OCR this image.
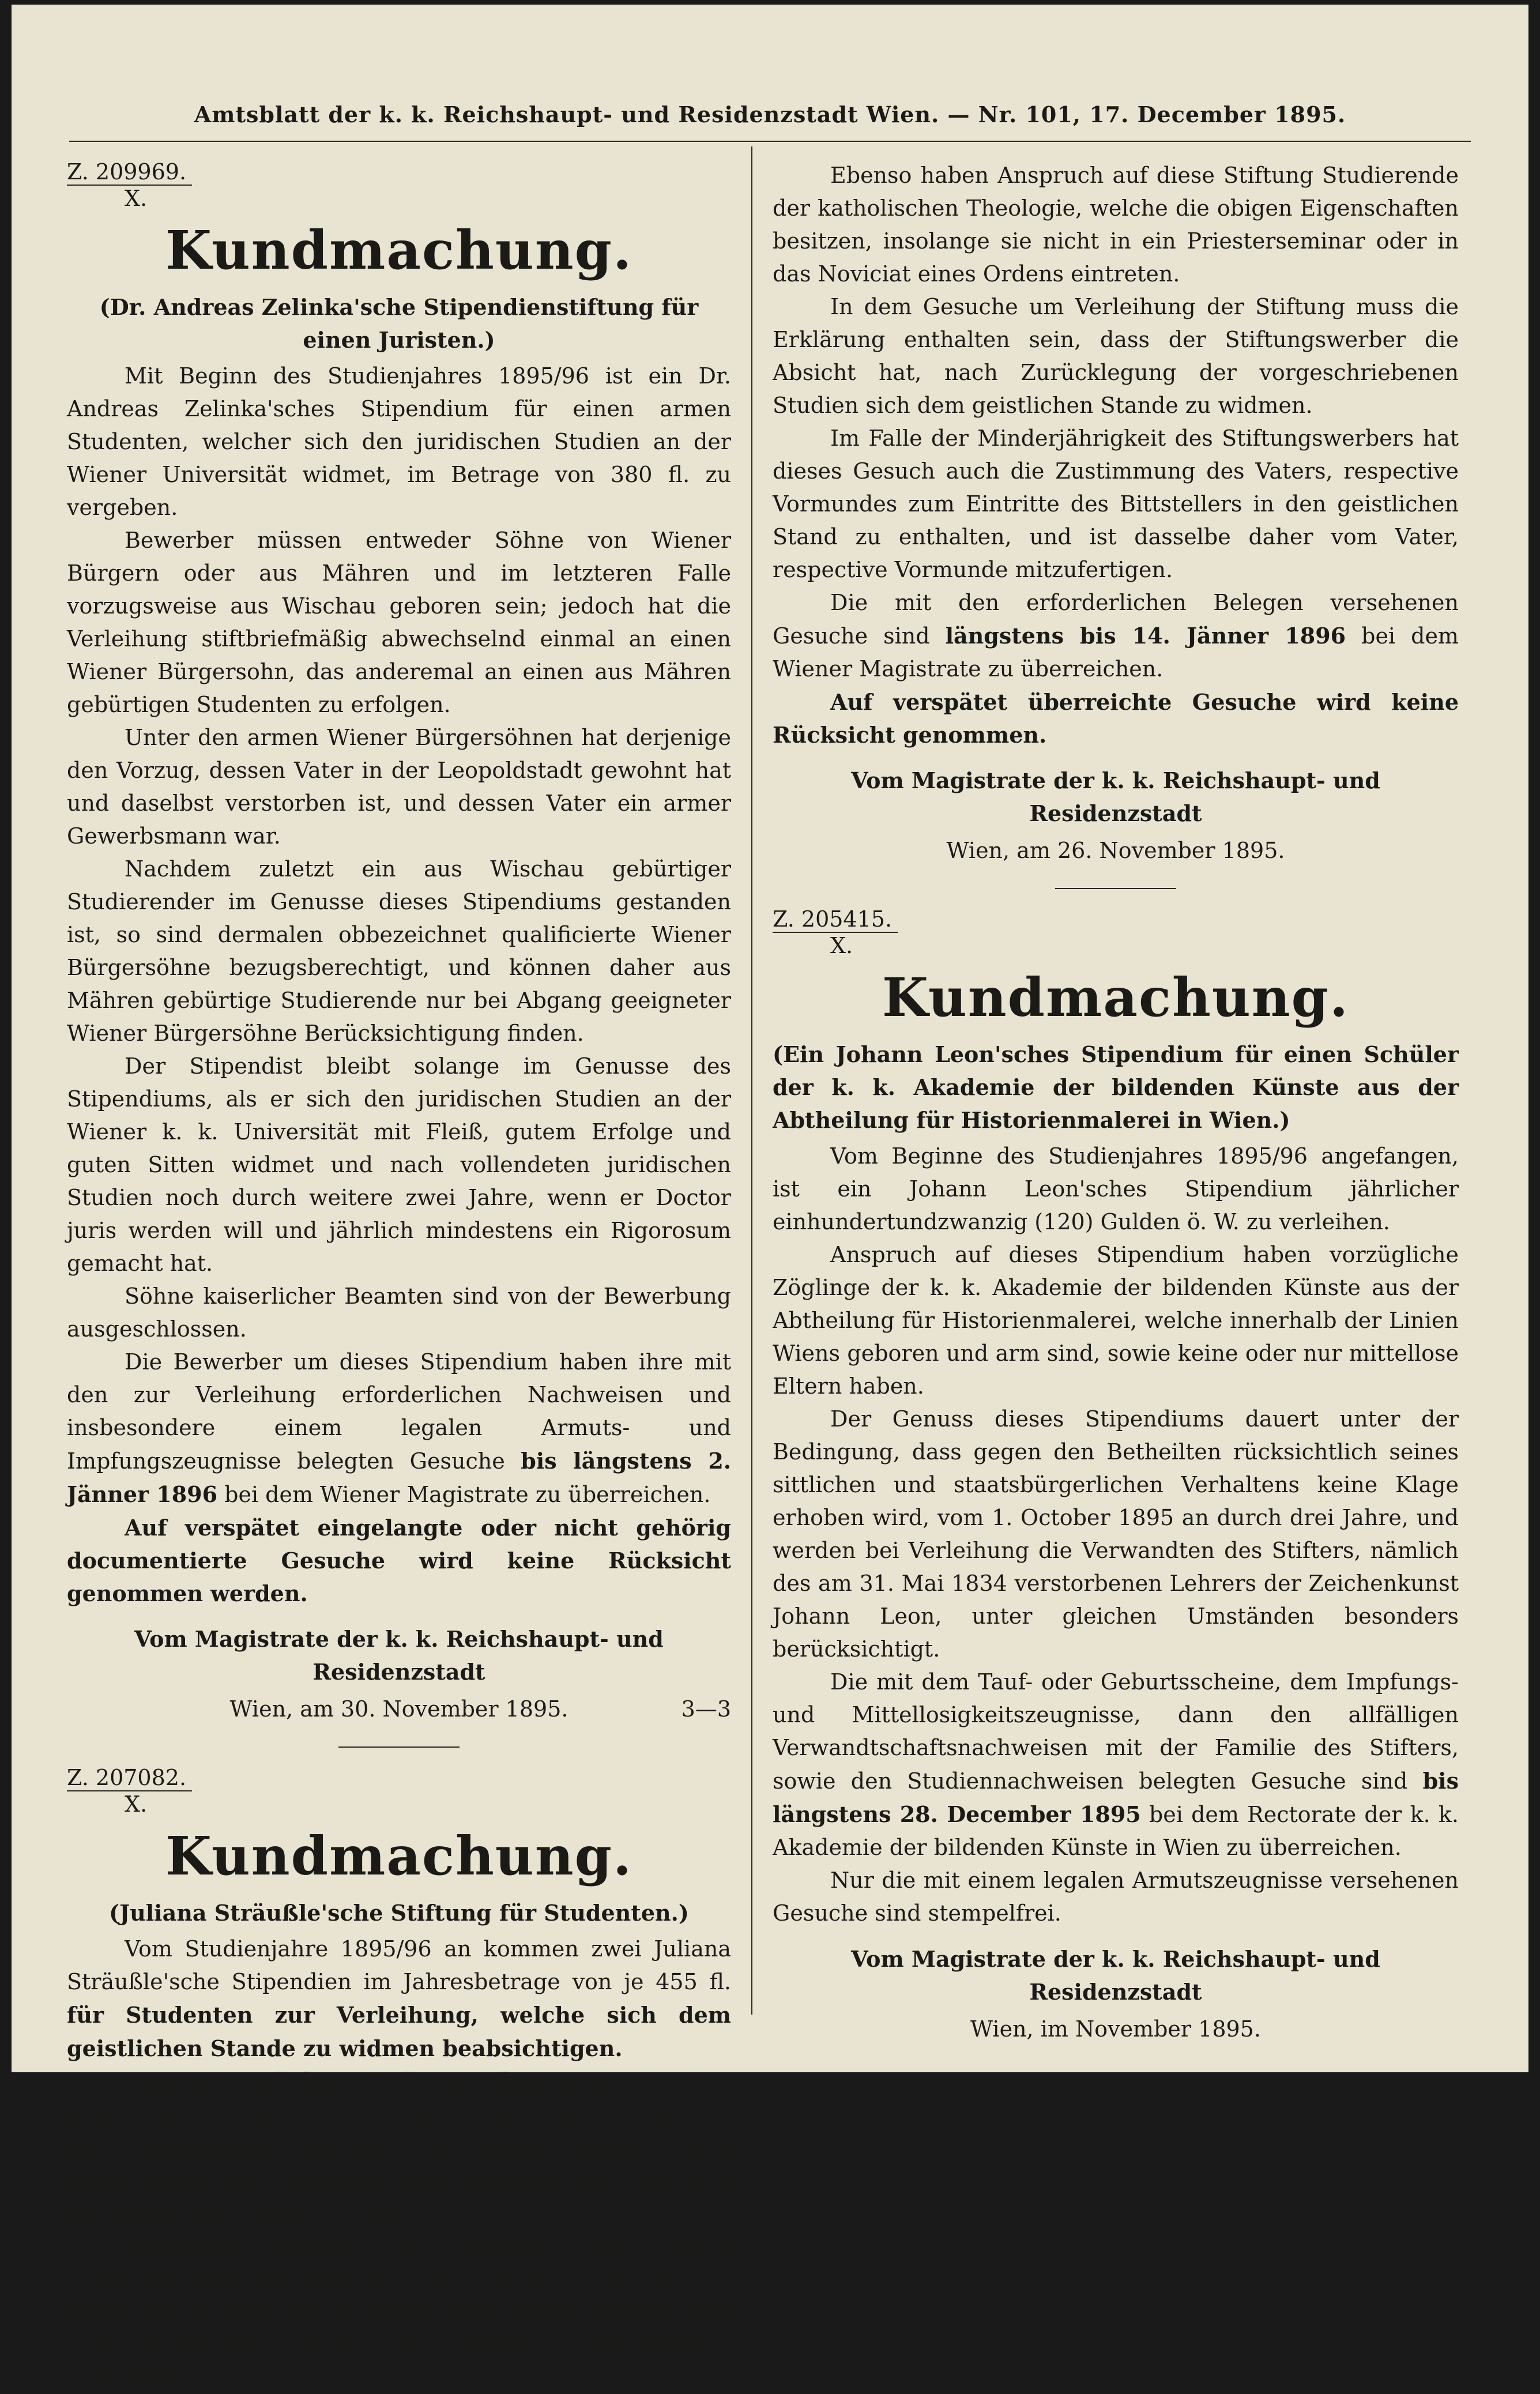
Amtsblatt der k. k. Reichshaupt- und Residenzstadt Wien. — Nr. 101, 17. December 1895.
Z. 209969.
X.
Kundmachung.
(Dr. Andreas Zelinka'sche Stipendienstiftung für einen Juristen.)

Mit Beginn des Studienjahres 1895/96 ist ein Dr. Andreas Zelinka'sches Stipendium für einen armen Studenten, welcher sich den juridischen Studien an der Wiener Universität widmet, im Betrage von 380 fl. zu vergeben.

Bewerber müssen entweder Söhne von Wiener Bürgern oder aus Mähren und im letzteren Falle vorzugsweise aus Wischau geboren sein; jedoch hat die Verleihung stiftbriefmäßig abwechselnd einmal an einen Wiener Bürgersohn, das anderemal an einen aus Mähren gebürtigen Studenten zu erfolgen.

Unter den armen Wiener Bürgersöhnen hat derjenige den Vorzug, dessen Vater in der Leopoldstadt gewohnt hat und daselbst verstorben ist, und dessen Vater ein armer Gewerbsmann war.

Nachdem zuletzt ein aus Wischau gebürtiger Studierender im Genusse dieses Stipendiums gestanden ist, so sind dermalen obbezeichnet qualificierte Wiener Bürgersöhne bezugsberechtigt, und können daher aus Mähren gebürtige Studierende nur bei Abgang geeigneter Wiener Bürgersöhne Berücksichtigung finden.

Der Stipendist bleibt solange im Genusse des Stipendiums, als er sich den juridischen Studien an der Wiener k. k. Universität mit Fleiß, gutem Erfolge und guten Sitten widmet und nach vollendeten juridischen Studien noch durch weitere zwei Jahre, wenn er Doctor juris werden will und jährlich mindestens ein Rigorosum gemacht hat.

Söhne kaiserlicher Beamten sind von der Bewerbung ausgeschlossen.

Die Bewerber um dieses Stipendium haben ihre mit den zur Verleihung erforderlichen Nachweisen und insbesondere einem legalen Armuts- und Impfungszeugnisse belegten Gesuche bis längstens 2. Jänner 1896 bei dem Wiener Magistrate zu überreichen.

Auf verspätet eingelangte oder nicht gehörig documentierte Gesuche wird keine Rücksicht genommen werden.

Vom Magistrate der k. k. Reichshaupt- und Residenzstadt
Wien, am 30. November 1895.	3—3
Z. 207082.
X.
Kundmachung.
(Juliana Sträußle'sche Stiftung für Studenten.)

Vom Studienjahre 1895/96 an kommen zwei Juliana Sträußle'sche Stipendien im Jahresbetrage von je 455 fl. für Studenten zur Verleihung, welche sich dem geistlichen Stande zu widmen beabsichtigen.

Anspruch auf diese Stiftung haben arme, in Wien geborene, nach Wien zuständige, katholische Studierende des Gymnasiums, welche die Absicht haben, nach Absolvierung der Gymnasial- und theologischen Studien in den geistlichen Stand zu treten.

Dieselben müssen ein Zeugnis der ersten Fortgangsclasse beizubringen imstande sein, außerdem im Fleiß und im sittlichen Betragen gute Noten besitzen und ihre Dürftigkeit durch ein legales Armutszeugnis nachweisen.

Ebenso haben Anspruch auf diese Stiftung Studierende der katholischen Theologie, welche die obigen Eigenschaften besitzen, insolange sie nicht in ein Priesterseminar oder in das Noviciat eines Ordens eintreten.

In dem Gesuche um Verleihung der Stiftung muss die Erklärung enthalten sein, dass der Stiftungswerber die Absicht hat, nach Zurücklegung der vorgeschriebenen Studien sich dem geistlichen Stande zu widmen.

Im Falle der Minderjährigkeit des Stiftungswerbers hat dieses Gesuch auch die Zustimmung des Vaters, respective Vormundes zum Eintritte des Bittstellers in den geistlichen Stand zu enthalten, und ist dasselbe daher vom Vater, respective Vormunde mitzufertigen.

Die mit den erforderlichen Belegen versehenen Gesuche sind längstens bis 14. Jänner 1896 bei dem Wiener Magistrate zu überreichen.

Auf verspätet überreichte Gesuche wird keine Rücksicht genommen.

Vom Magistrate der k. k. Reichshaupt- und Residenzstadt
Wien, am 26. November 1895.
Z. 205415.
X.
Kundmachung.
(Ein Johann Leon'sches Stipendium für einen Schüler der k. k. Akademie der bildenden Künste aus der Abtheilung für Historienmalerei in Wien.)

Vom Beginne des Studienjahres 1895/96 angefangen, ist ein Johann Leon'sches Stipendium jährlicher einhundertundzwanzig (120) Gulden ö. W. zu verleihen.

Anspruch auf dieses Stipendium haben vorzügliche Zöglinge der k. k. Akademie der bildenden Künste aus der Abtheilung für Historienmalerei, welche innerhalb der Linien Wiens geboren und arm sind, sowie keine oder nur mittellose Eltern haben.

Der Genuss dieses Stipendiums dauert unter der Bedingung, dass gegen den Betheilten rücksichtlich seines sittlichen und staatsbürgerlichen Verhaltens keine Klage erhoben wird, vom 1. October 1895 an durch drei Jahre, und werden bei Verleihung die Verwandten des Stifters, nämlich des am 31. Mai 1834 verstorbenen Lehrers der Zeichenkunst Johann Leon, unter gleichen Umständen besonders berücksichtigt.

Die mit dem Tauf- oder Geburtsscheine, dem Impfungs- und Mittellosigkeitszeugnisse, dann den allfälligen Verwandtschaftsnachweisen mit der Familie des Stifters, sowie den Studiennachweisen belegten Gesuche sind bis längstens 28. December 1895 bei dem Rectorate der k. k. Akademie der bildenden Künste in Wien zu überreichen.

Nur die mit einem legalen Armutszeugnisse versehenen Gesuche sind stempelfrei.

Vom Magistrate der k. k. Reichshaupt- und Residenzstadt
Wien, im November 1895.
